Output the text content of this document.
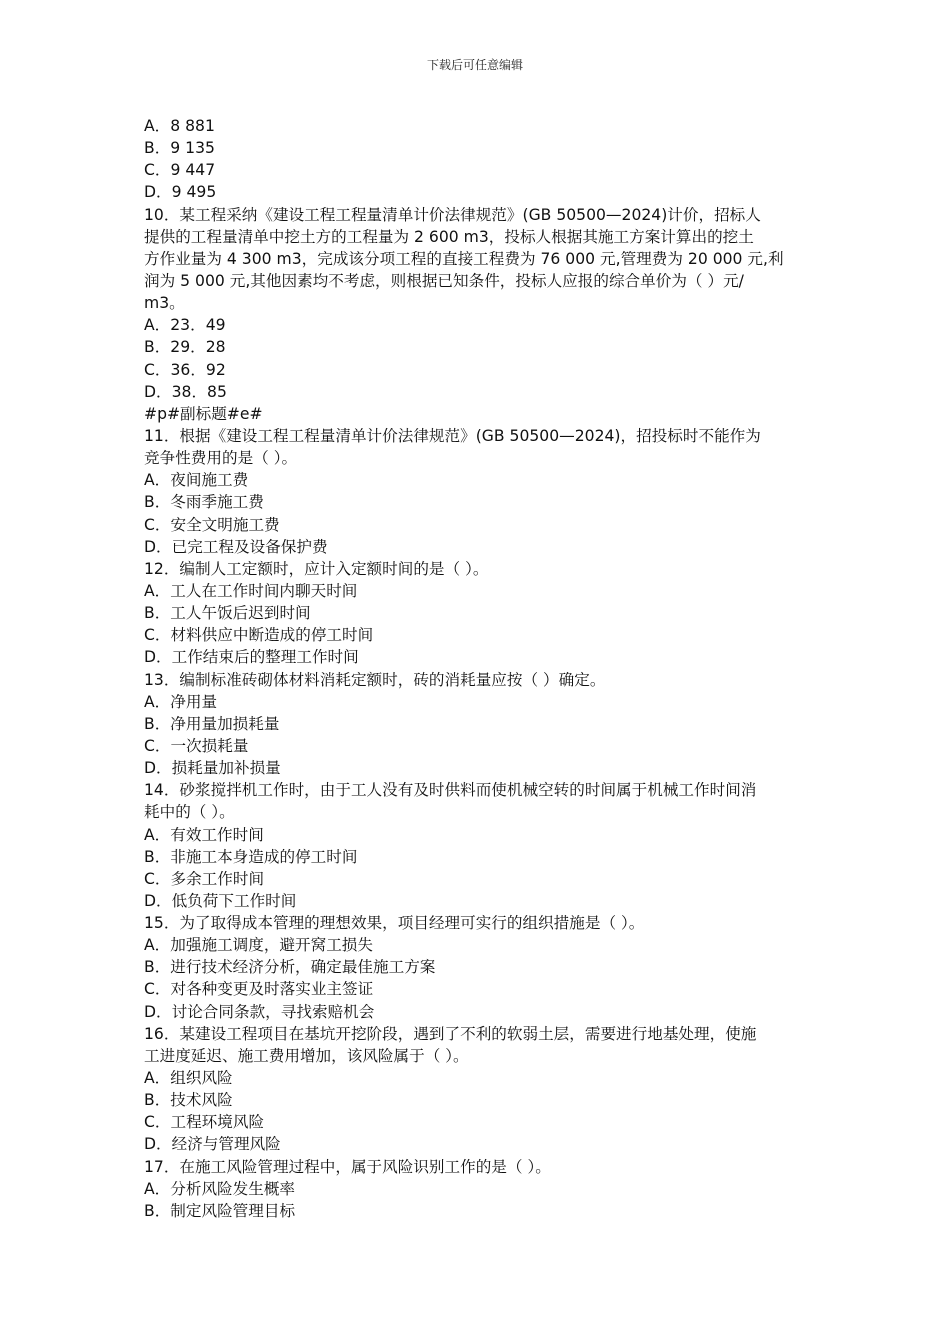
下载后可任意编辑
A．8 881
B．9 135
C．9 447
D．9 495
10．某工程采纳《建设工程工程量清单计价法律规范》(GB 50500—2024)计价，招标人
提供的工程量清单中挖土方的工程量为 2 600 m3，投标人根据其施工方案计算出的挖土
方作业量为 4 300 m3，完成该分项工程的直接工程费为 76 000 元,管理费为 20 000 元,利
润为 5 000 元,其他因素均不考虑，则根据已知条件，投标人应报的综合单价为（ ）元/
m3。
A．23．49
B．29．28
C．36．92
D．38．85
#p#副标题#e#
11．根据《建设工程工程量清单计价法律规范》(GB 50500—2024)，招投标时不能作为
竞争性费用的是（ ）。
A．夜间施工费
B．冬雨季施工费
C．安全文明施工费
D．已完工程及设备保护费
12．编制人工定额时，应计入定额时间的是（ ）。
A．工人在工作时间内聊天时间
B．工人午饭后迟到时间
C．材料供应中断造成的停工时间
D．工作结束后的整理工作时间
13．编制标准砖砌体材料消耗定额时，砖的消耗量应按（ ）确定。
A．净用量
B．净用量加损耗量
C．一次损耗量
D．损耗量加补损量
14．砂浆搅拌机工作时，由于工人没有及时供料而使机械空转的时间属于机械工作时间消
耗中的（ ）。
A．有效工作时间
B．非施工本身造成的停工时间
C．多余工作时间
D．低负荷下工作时间
15．为了取得成本管理的理想效果，项目经理可实行的组织措施是（ ）。
A．加强施工调度，避开窝工损失
B．进行技术经济分析，确定最佳施工方案
C．对各种变更及时落实业主签证
D．讨论合同条款，寻找索赔机会
16．某建设工程项目在基坑开挖阶段，遇到了不利的软弱土层，需要进行地基处理，使施
工进度延迟、施工费用增加，该风险属于（ ）。
A．组织风险
B．技术风险
C．工程环境风险
D．经济与管理风险
17．在施工风险管理过程中，属于风险识别工作的是（ ）。
A．分析风险发生概率
B．制定风险管理目标
